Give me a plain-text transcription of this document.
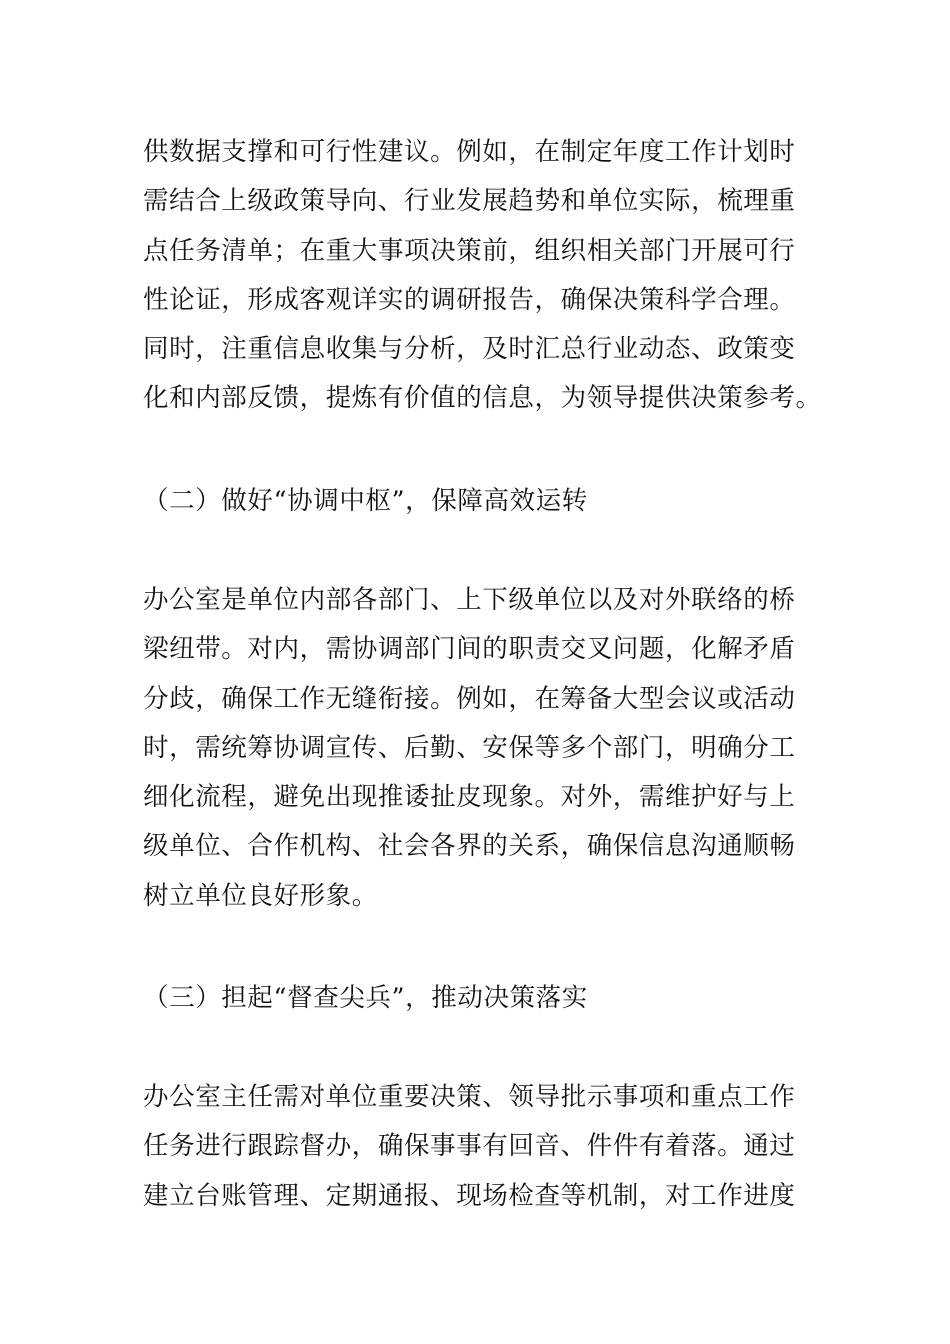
供数据支撑和可行性建议。例如，在制定年度工作计划时
需结合上级政策导向、行业发展趋势和单位实际，梳理重
点任务清单；在重大事项决策前，组织相关部门开展可行
性论证，形成客观详实的调研报告，确保决策科学合理。
同时，注重信息收集与分析，及时汇总行业动态、政策变
化和内部反馈，提炼有价值的信息，为领导提供决策参考。
（二）做好“协调中枢”，保障高效运转
办公室是单位内部各部门、上下级单位以及对外联络的桥
梁纽带。对内，需协调部门间的职责交叉问题，化解矛盾
分歧，确保工作无缝衔接。例如，在筹备大型会议或活动
时，需统筹协调宣传、后勤、安保等多个部门，明确分工
细化流程，避免出现推诿扯皮现象。对外，需维护好与上
级单位、合作机构、社会各界的关系，确保信息沟通顺畅
树立单位良好形象。
（三）担起“督查尖兵”，推动决策落实
办公室主任需对单位重要决策、领导批示事项和重点工作
任务进行跟踪督办，确保事事有回音、件件有着落。通过
建立台账管理、定期通报、现场检查等机制，对工作进度
